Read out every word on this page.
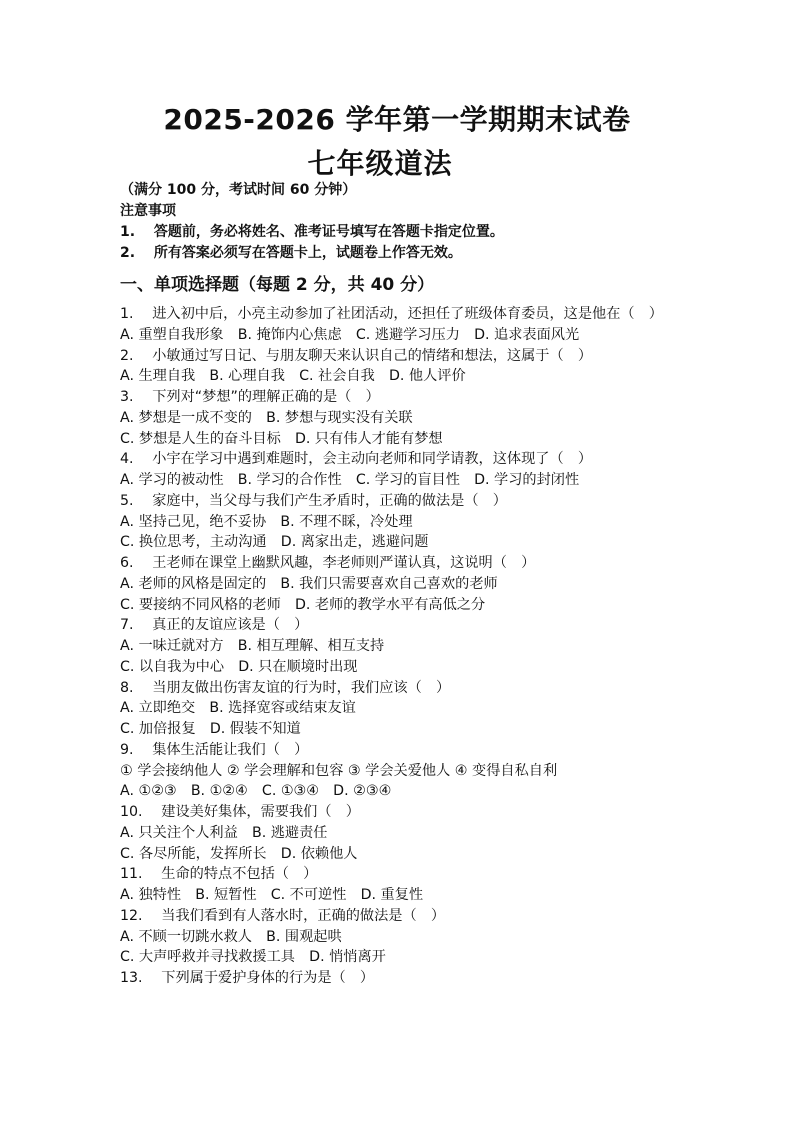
2025-2026 学年第一学期期末试卷
七年级道法
（满分 100 分，考试时间 60 分钟）
注意事项
1.　 答题前，务必将姓名、准考证号填写在答题卡指定位置。
2.　 所有答案必须写在答题卡上，试题卷上作答无效。
一、单项选择题（每题 2 分，共 40 分）
1.　 进入初中后，小亮主动参加了社团活动，还担任了班级体育委员，这是他在（　）
A. 重塑自我形象　B. 掩饰内心焦虑　C. 逃避学习压力　D. 追求表面风光
2.　 小敏通过写日记、与朋友聊天来认识自己的情绪和想法，这属于（　）
A. 生理自我　B. 心理自我　C. 社会自我　D. 他人评价
3.　 下列对“梦想”的理解正确的是（　）
A. 梦想是一成不变的　B. 梦想与现实没有关联
C. 梦想是人生的奋斗目标　D. 只有伟人才能有梦想
4.　 小宇在学习中遇到难题时，会主动向老师和同学请教，这体现了（　）
A. 学习的被动性　B. 学习的合作性　C. 学习的盲目性　D. 学习的封闭性
5.　 家庭中，当父母与我们产生矛盾时，正确的做法是（　）
A. 坚持己见，绝不妥协　B. 不理不睬，冷处理
C. 换位思考，主动沟通　D. 离家出走，逃避问题
6.　 王老师在课堂上幽默风趣，李老师则严谨认真，这说明（　）
A. 老师的风格是固定的　B. 我们只需要喜欢自己喜欢的老师
C. 要接纳不同风格的老师　D. 老师的教学水平有高低之分
7.　 真正的友谊应该是（　）
A. 一味迁就对方　B. 相互理解、相互支持
C. 以自我为中心　D. 只在顺境时出现
8.　 当朋友做出伤害友谊的行为时，我们应该（　）
A. 立即绝交　B. 选择宽容或结束友谊
C. 加倍报复　D. 假装不知道
9.　 集体生活能让我们（　）
① 学会接纳他人 ② 学会理解和包容 ③ 学会关爱他人 ④ 变得自私自利
A. ①②③　B. ①②④　C. ①③④　D. ②③④
10.　 建设美好集体，需要我们（　）
A. 只关注个人利益　B. 逃避责任
C. 各尽所能，发挥所长　D. 依赖他人
11.　 生命的特点不包括（　）
A. 独特性　B. 短暂性　C. 不可逆性　D. 重复性
12.　 当我们看到有人落水时，正确的做法是（　）
A. 不顾一切跳水救人　B. 围观起哄
C. 大声呼救并寻找救援工具　D. 悄悄离开
13.　 下列属于爱护身体的行为是（　）
